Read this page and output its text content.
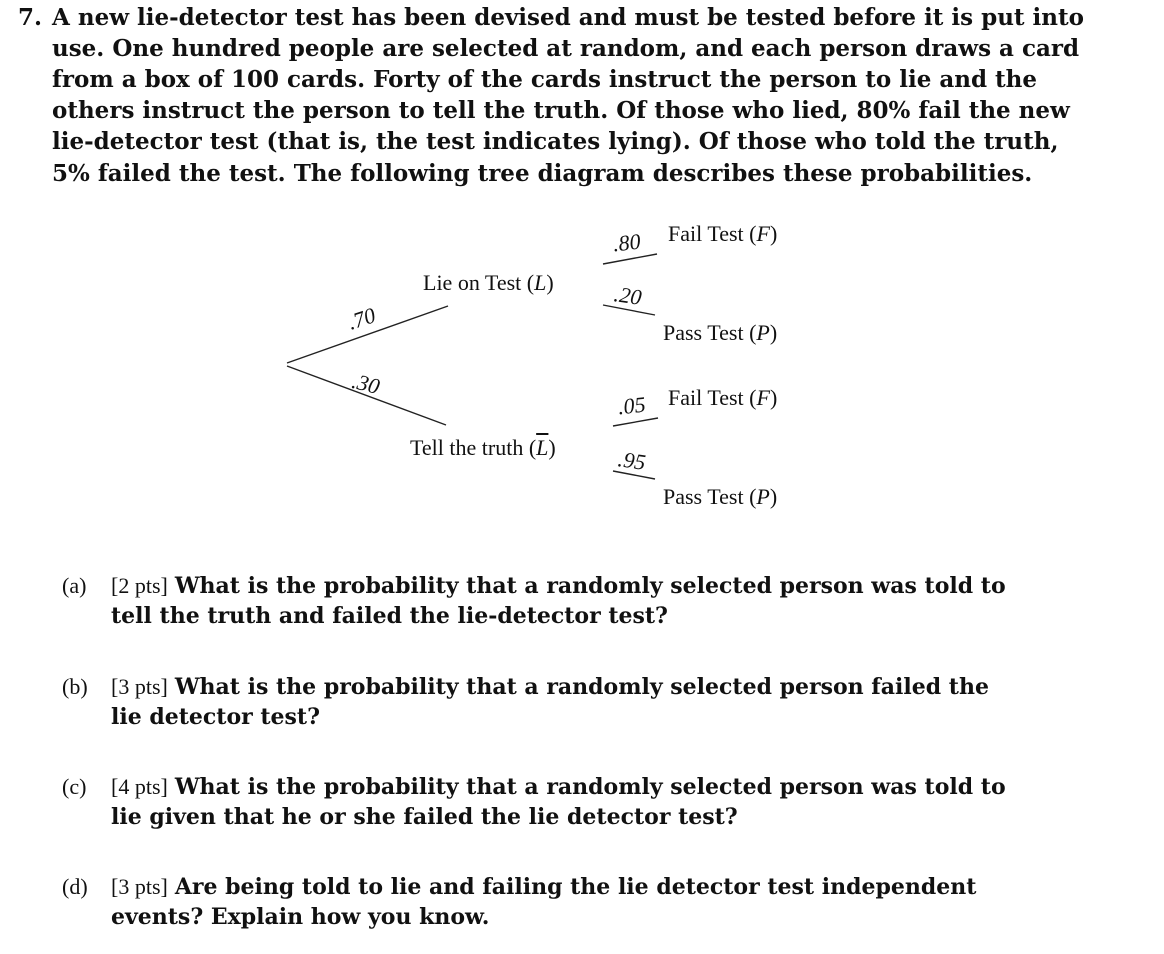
7. A new lie-detector test has been devised and must be tested before it is put into
use. One hundred people are selected at random, and each person draws a card
from a box of 100 cards. Forty of the cards instruct the person to lie and the
others instruct the person to tell the truth. Of those who lied, 80% fail the new
lie-detector test (that is, the test indicates lying). Of those who told the truth,
5% failed the test. The following tree diagram describes these probabilities.
.70
.30
Lie on Test (L)
Tell the truth $(\overline{L})$
.80
.20
.05
.95
Fail Test (F)
Pass Test (P)
Fail Test (F)
Pass Test (P)
(a) [2 pts] What is the probability that a randomly selected person was told to
tell the truth and failed the lie-detector test?
(b) [3 pts] What is the probability that a randomly selected person failed the
lie detector test?
(c) [4 pts] What is the probability that a randomly selected person was told to
lie given that he or she failed the lie detector test?
(d) [3 pts] Are being told to lie and failing the lie detector test independent
events? Explain how you know.
